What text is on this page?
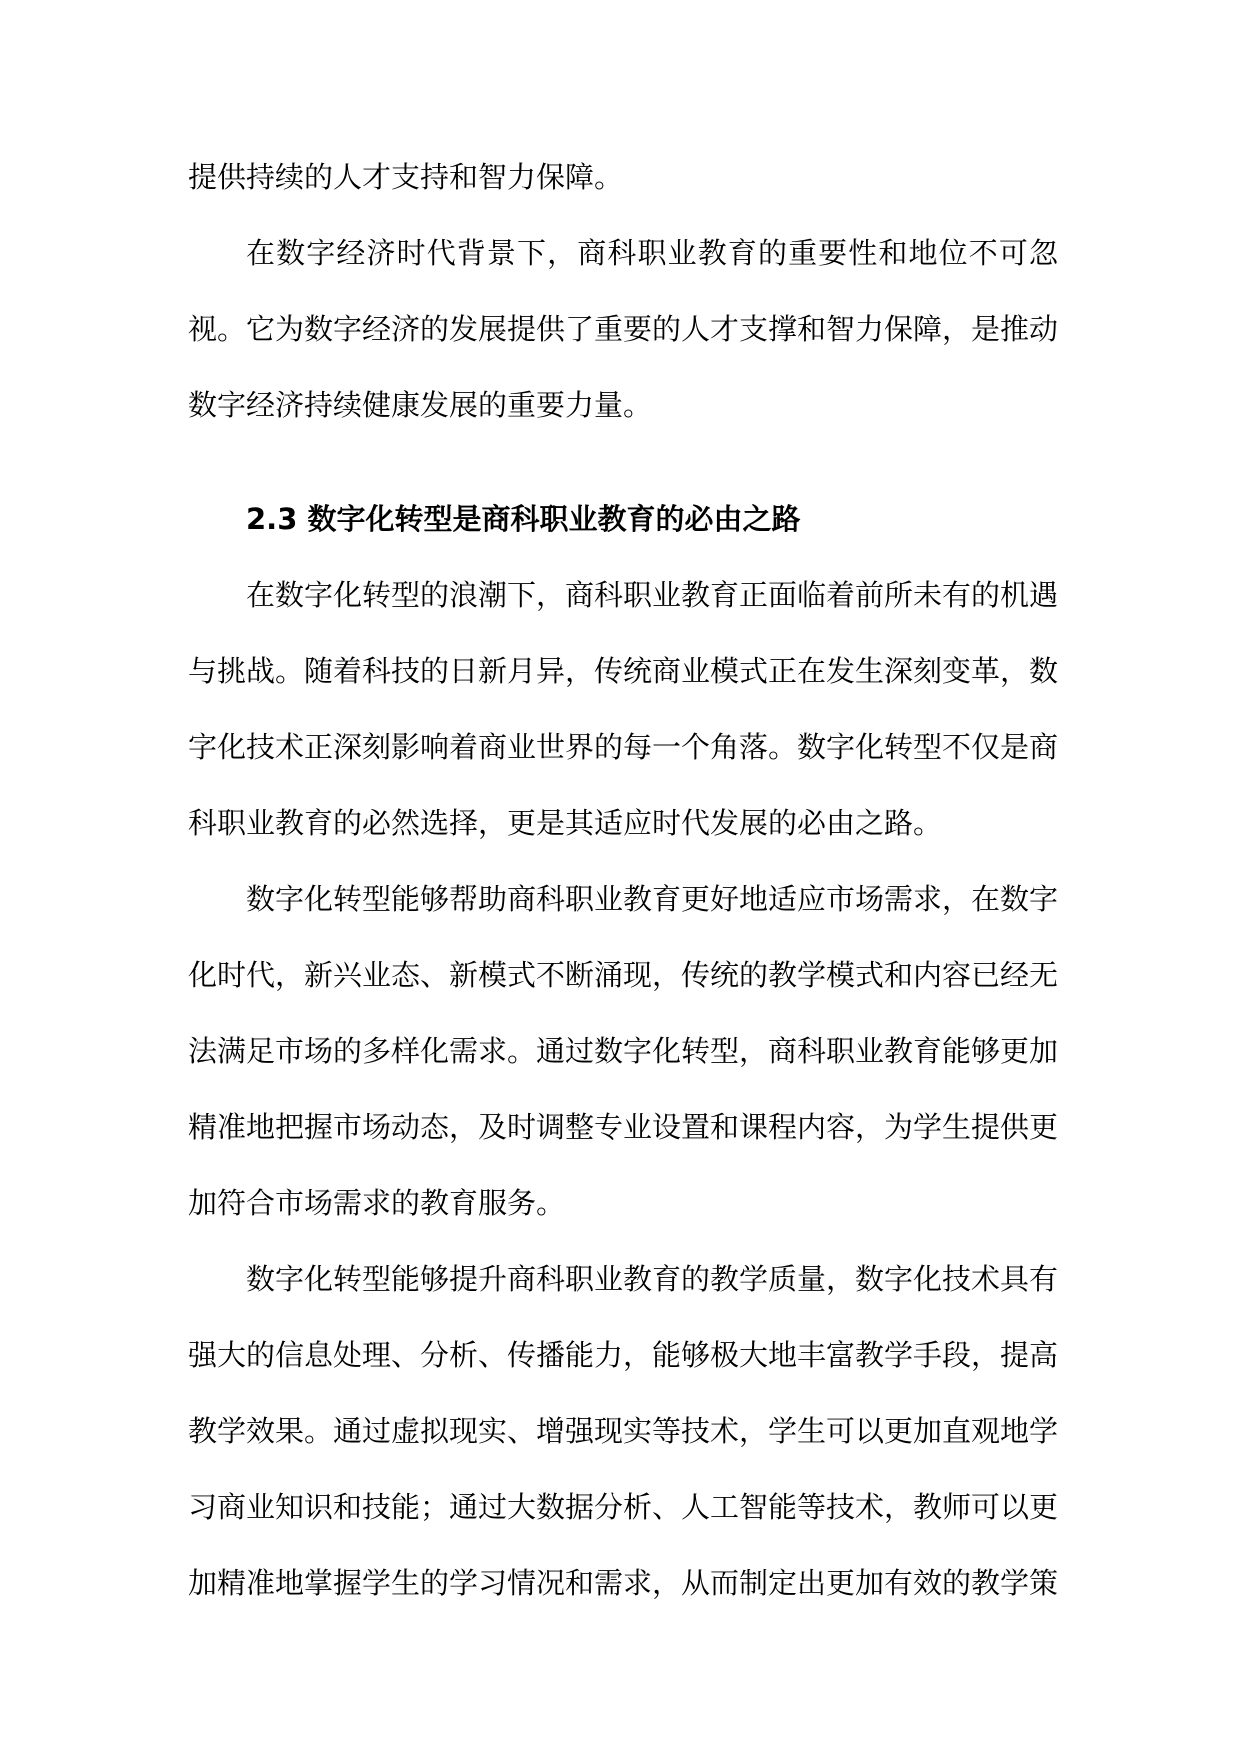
提供持续的人才支持和智力保障。

在数字经济时代背景下，商科职业教育的重要性和地位不可忽视。它为数字经济的发展提供了重要的人才支撑和智力保障，是推动数字经济持续健康发展的重要力量。

2.3 数字化转型是商科职业教育的必由之路

在数字化转型的浪潮下，商科职业教育正面临着前所未有的机遇与挑战。随着科技的日新月异，传统商业模式正在发生深刻变革，数字化技术正深刻影响着商业世界的每一个角落。数字化转型不仅是商科职业教育的必然选择，更是其适应时代发展的必由之路。

数字化转型能够帮助商科职业教育更好地适应市场需求，在数字化时代，新兴业态、新模式不断涌现，传统的教学模式和内容已经无法满足市场的多样化需求。通过数字化转型，商科职业教育能够更加精准地把握市场动态，及时调整专业设置和课程内容，为学生提供更加符合市场需求的教育服务。

数字化转型能够提升商科职业教育的教学质量，数字化技术具有强大的信息处理、分析、传播能力，能够极大地丰富教学手段，提高教学效果。通过虚拟现实、增强现实等技术，学生可以更加直观地学习商业知识和技能；通过大数据分析、人工智能等技术，教师可以更加精准地掌握学生的学习情况和需求，从而制定出更加有效的教学策
